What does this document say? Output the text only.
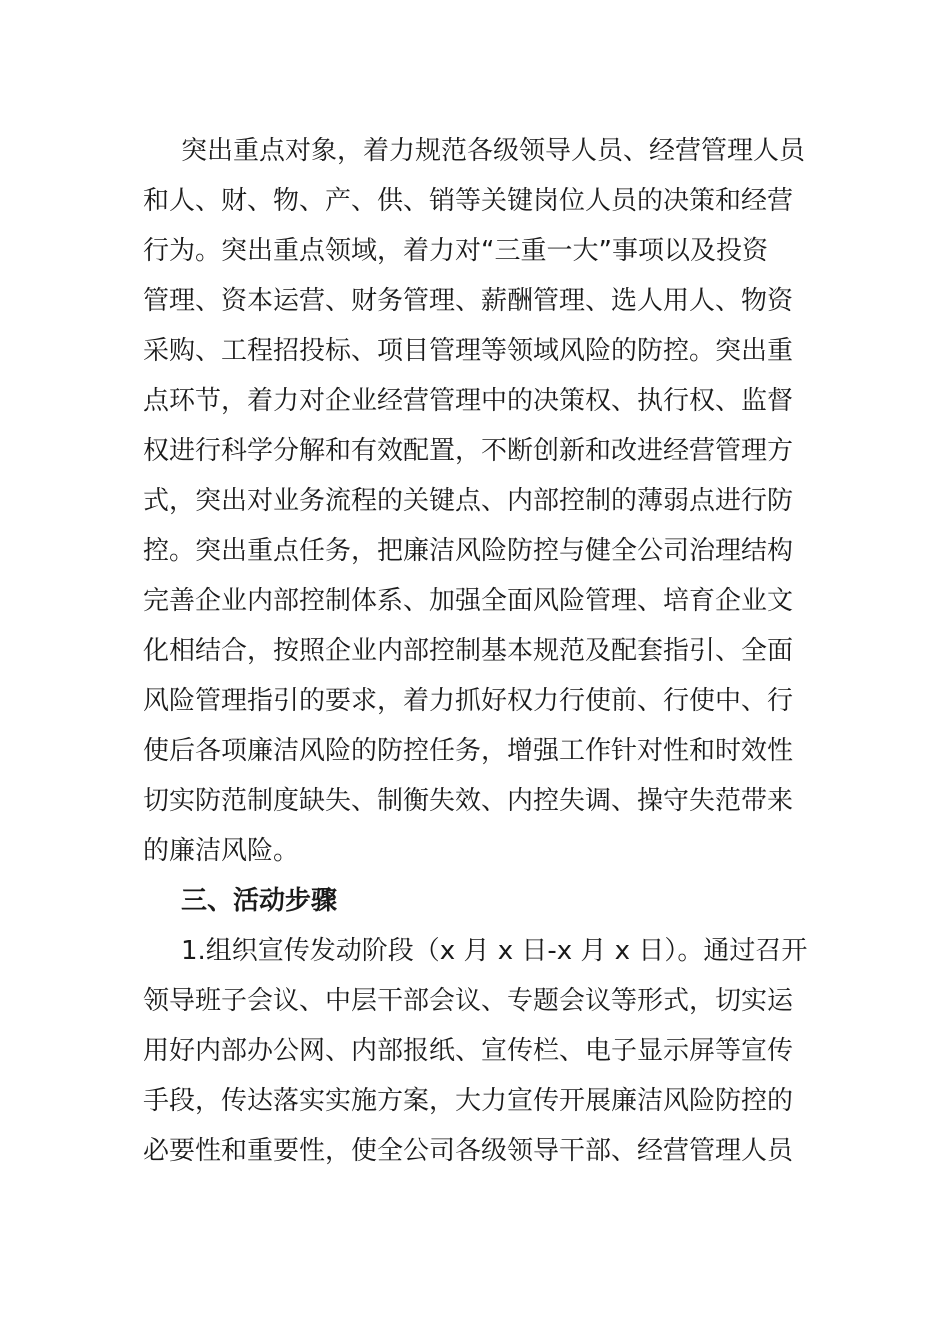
突出重点对象，着力规范各级领导人员、经营管理人员
和人、财、物、产、供、销等关键岗位人员的决策和经营
行为。突出重点领域，着力对“三重一大”事项以及投资
管理、资本运营、财务管理、薪酬管理、选人用人、物资
采购、工程招投标、项目管理等领域风险的防控。突出重
点环节，着力对企业经营管理中的决策权、执行权、监督
权进行科学分解和有效配置，不断创新和改进经营管理方
式，突出对业务流程的关键点、内部控制的薄弱点进行防
控。突出重点任务，把廉洁风险防控与健全公司治理结构
完善企业内部控制体系、加强全面风险管理、培育企业文
化相结合，按照企业内部控制基本规范及配套指引、全面
风险管理指引的要求，着力抓好权力行使前、行使中、行
使后各项廉洁风险的防控任务，增强工作针对性和时效性
切实防范制度缺失、制衡失效、内控失调、操守失范带来
的廉洁风险。
三、活动步骤
1.组织宣传发动阶段（x 月 x 日-x 月 x 日）。通过召开
领导班子会议、中层干部会议、专题会议等形式，切实运
用好内部办公网、内部报纸、宣传栏、电子显示屏等宣传
手段，传达落实实施方案，大力宣传开展廉洁风险防控的
必要性和重要性，使全公司各级领导干部、经营管理人员
